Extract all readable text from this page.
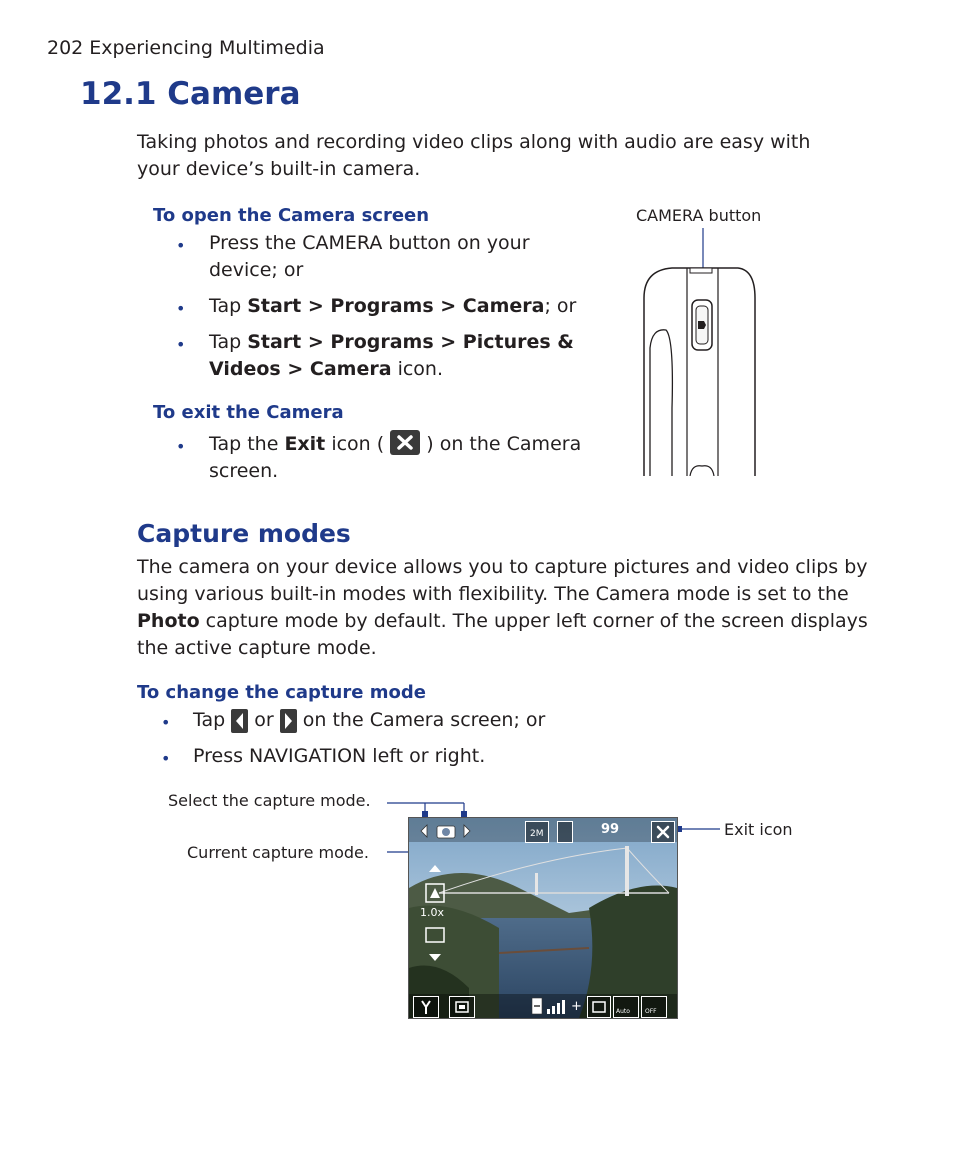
202 Experiencing Multimedia
12.1 Camera
Taking photos and recording video clips along with audio are easy with
your device’s built-in camera.
To open the Camera screen
• Press the CAMERA button on your
device; or
• Tap Start > Programs > Camera; or
• Tap Start > Programs > Pictures &
Videos > Camera icon.
To exit the Camera
• Tap the Exit icon ( ) on the Camera
screen.
CAMERA button
Capture modes
The camera on your device allows you to capture pictures and video clips by
using various built-in modes with flexibility. The Camera mode is set to the
Photo capture mode by default. The upper left corner of the screen displays
the active capture mode.
To change the capture mode
• Tap  or  on the Camera screen; or
• Press NAVIGATION left or right.
Select the capture mode.
Current capture mode.
Exit icon
2M	99
1.0x
+	Auto	OFF
